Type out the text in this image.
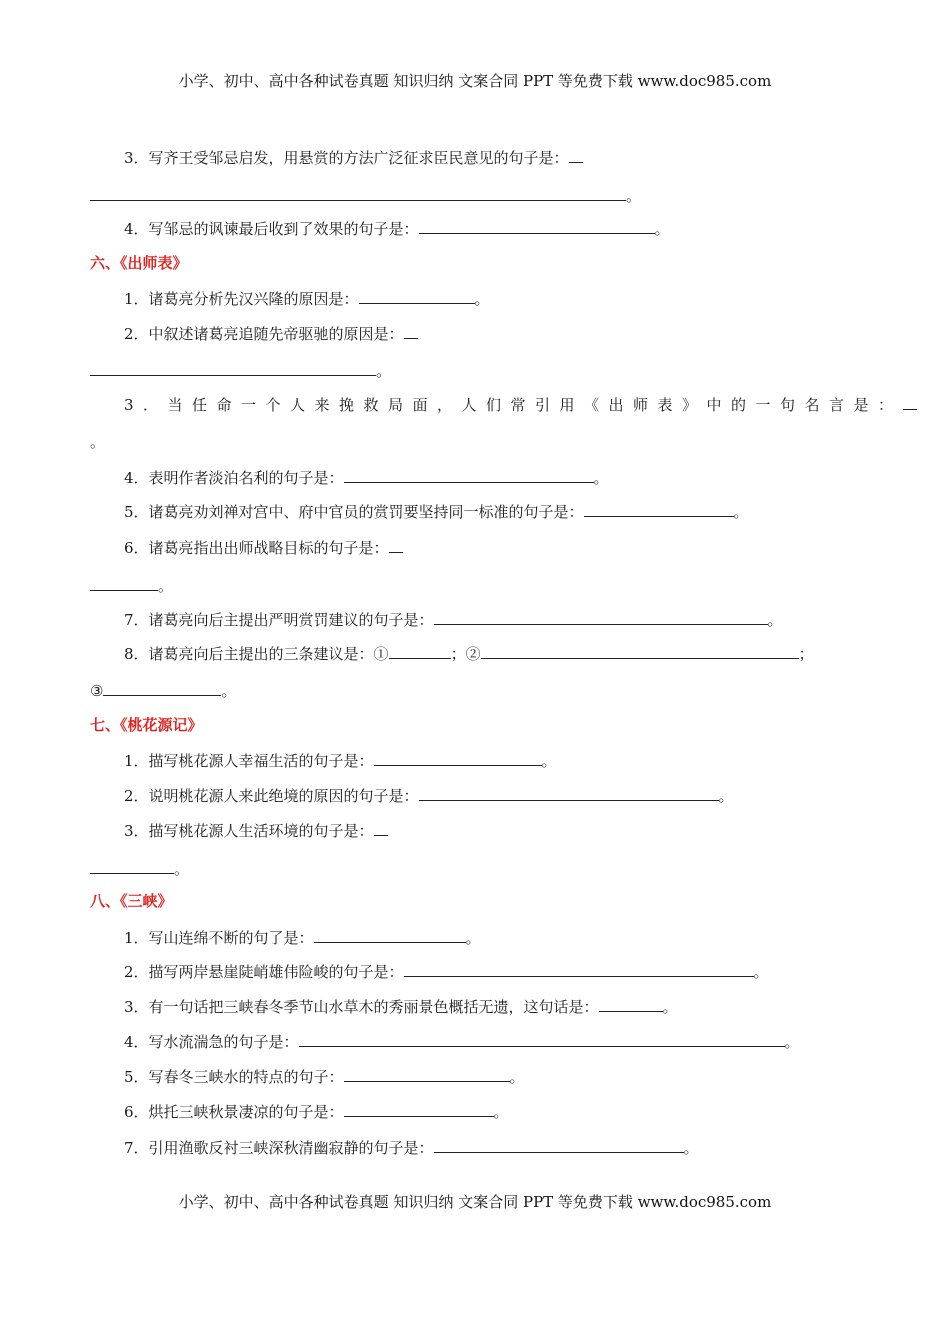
小学、初中、高中各种试卷真题 知识归纳 文案合同 PPT 等免费下载 www.doc985.com
3．写齐王受邹忌启发，用悬赏的方法广泛征求臣民意见的句子是：
。
4．写邹忌的讽谏最后收到了效果的句子是：	。
六、《出师表》
1．诸葛亮分析先汉兴隆的原因是：	。
2．中叙述诸葛亮追随先帝驱驰的原因是：
。
3．当任命一个人来挽救局面，人们常引用《出师表》中的一句名言是：
。
4．表明作者淡泊名利的句子是：	。
5．诸葛亮劝刘禅对宫中、府中官员的赏罚要坚持同一标准的句子是：	。
6．诸葛亮指出出师战略目标的句子是：
。
7．诸葛亮向后主提出严明赏罚建议的句子是：	。
8．诸葛亮向后主提出的三条建议是：①	；②	；
③	。
七、《桃花源记》
1．描写桃花源人幸福生活的句子是：	。
2．说明桃花源人来此绝境的原因的句子是：	。
3．描写桃花源人生活环境的句子是：
。
八、《三峡》
1．写山连绵不断的句了是：	。
2．描写两岸悬崖陡峭雄伟险峻的句子是：	。
3．有一句话把三峡春冬季节山水草木的秀丽景色概括无遗，这句话是：	。
4．写水流湍急的句子是：	。
5．写春冬三峡水的特点的句子：	。
6．烘托三峡秋景凄凉的句子是：	。
7．引用渔歌反衬三峡深秋清幽寂静的句子是：	。
小学、初中、高中各种试卷真题 知识归纳 文案合同 PPT 等免费下载 www.doc985.com
